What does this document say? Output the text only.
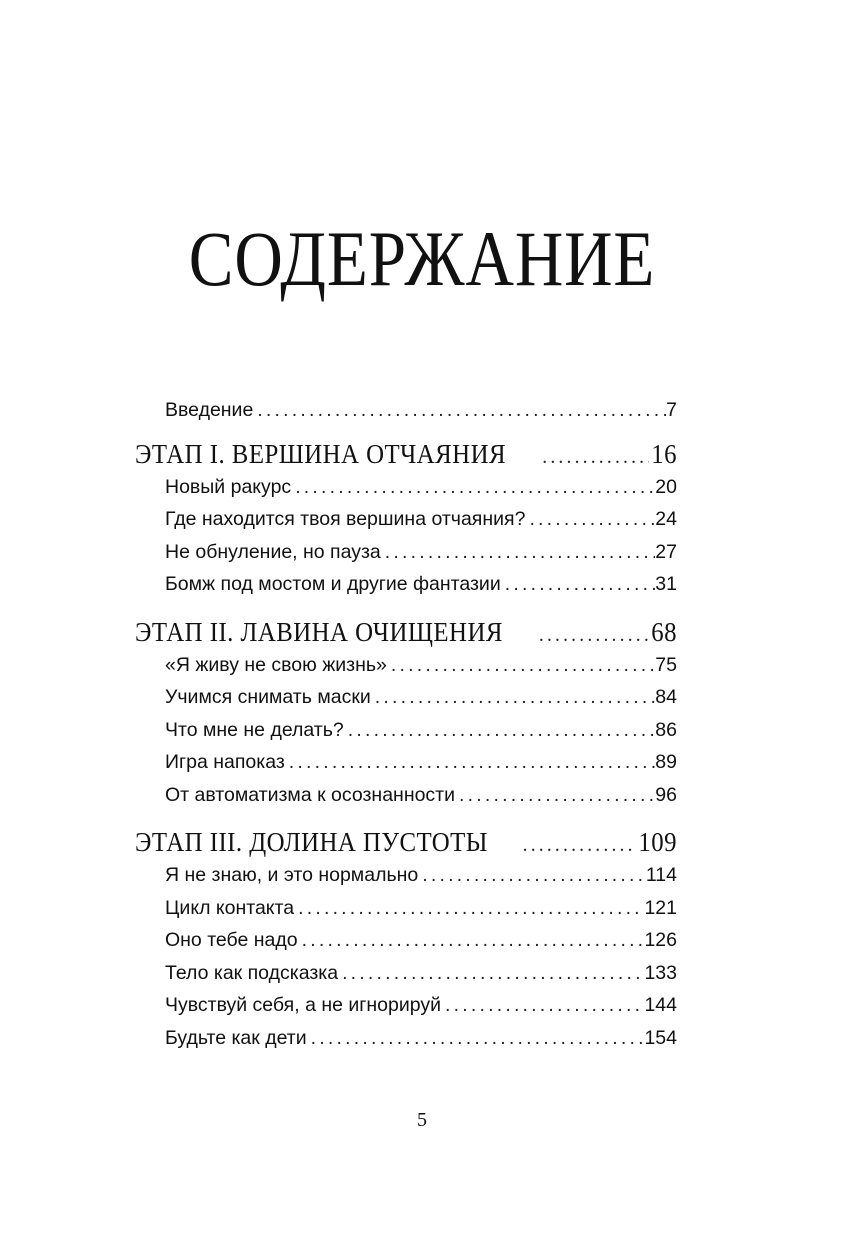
СОДЕРЖАНИЕ
Введение .....	7
ЭТАП I. ВЕРШИНА ОТЧАЯНИЯ .....	16
Новый ракурс .....	20
Где находится твоя вершина отчаяния? .....	24
Не обнуление, но пауза .....	27
Бомж под мостом и другие фантазии .....	31
ЭТАП II. ЛАВИНА ОЧИЩЕНИЯ .....	68
«Я живу не свою жизнь» .....	75
Учимся снимать маски .....	84
Что мне не делать? .....	86
Игра напоказ .....	89
От автоматизма к осознанности .....	96
ЭТАП III. ДОЛИНА ПУСТОТЫ .....	109
Я не знаю, и это нормально .....	114
Цикл контакта .....	121
Оно тебе надо .....	126
Тело как подсказка .....	133
Чувствуй себя, а не игнорируй .....	144
Будьте как дети .....	154
5
